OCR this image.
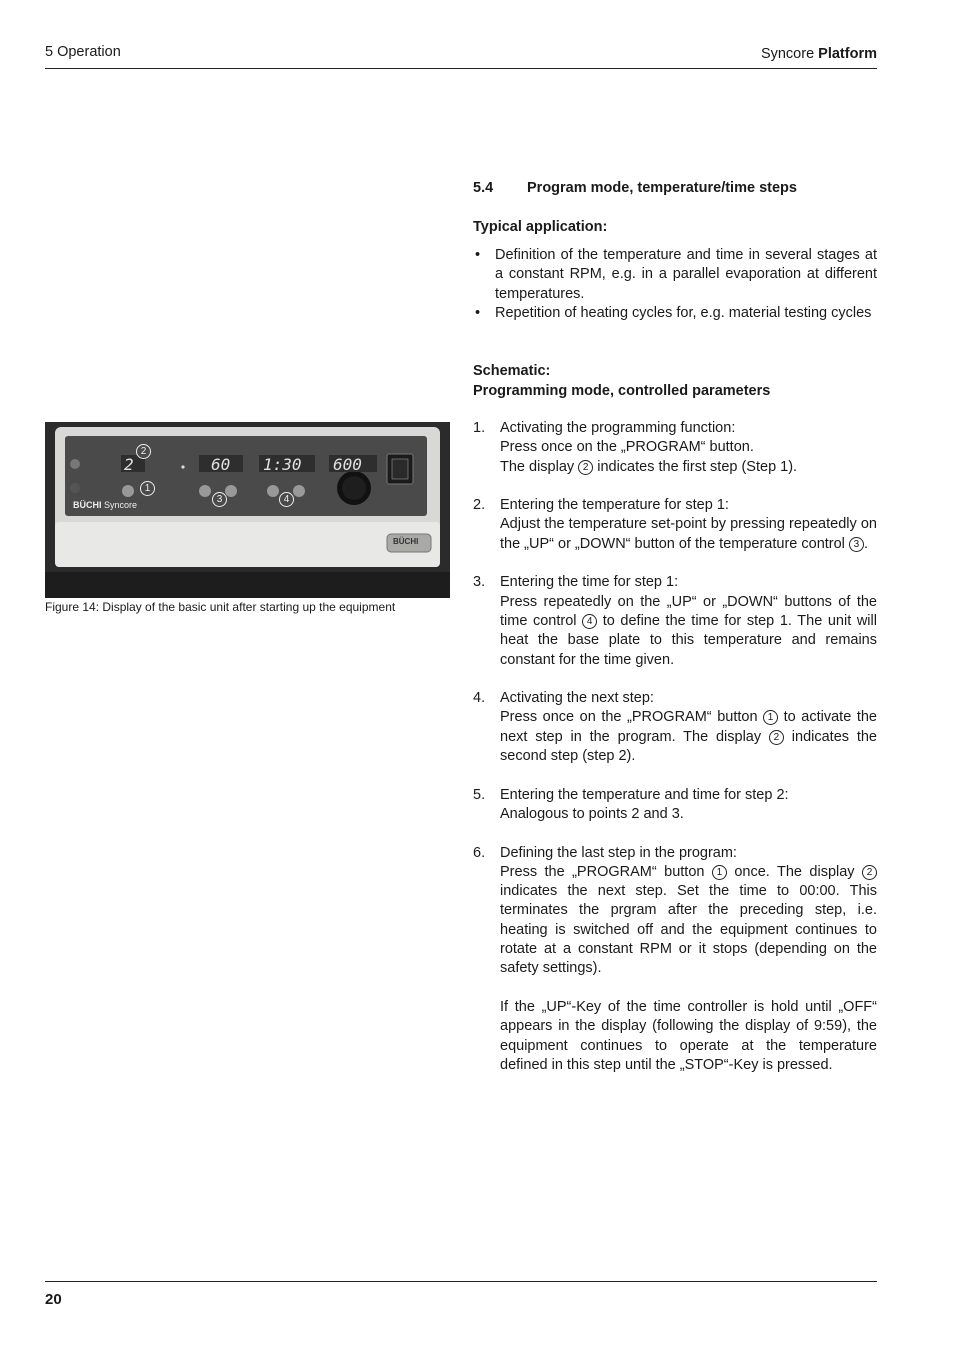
5 Operation	Syncore Platform
5.4 Program mode, temperature/time steps
Typical application:
• Definition of the temperature and time in several stages at a constant RPM, e.g. in a parallel evaporation at different temperatures.
• Repetition of heating cycles for, e.g. material testing cycles
Schematic:
Programming mode, controlled parameters
1.	Activating the programming function:

Press once on the „PROGRAM“ button.

The display 2 indicates the first step (Step 1).

2.	Entering the temperature for step 1:

Adjust the temperature set-point by pressing repeatedly on the „UP“ or „DOWN“ button of the temperature control 3 .

3.	Entering the time for step 1:

Press repeatedly on the „UP“ or „DOWN“ buttons of the time control 4 to define the time for step 1. The unit will heat the base plate to this temperature and remains constant for the time given.

4.	Activating the next step:

Press once on the „PROGRAM“ button 1 to activate the next step in the program. The display 2 indicates the second step (step 2).

5.	Entering the temperature and time for step 2:

Analogous to points 2 and 3.

6.	Defining the last step in the program:

Press the „PROGRAM“ button 1 once. The display 2 indicates the next step. Set the time to 00:00. This terminates the prgram after the preceding step, i.e. heating is switched off and the equipment continues to rotate at a constant RPM or it stops (depending on the safety settings).

If the „UP“-Key of the time controller is hold until „OFF“ appears in the display (following the display of 9:59), the equipment continues to operate at the temperature defined in this step until the „STOP“-Key is pressed.

2	60 1:30 600
BÜCHI Syncore
BÜCHI
1
2
3	4
Figure 14: Display of the basic unit after starting up the equipment
20
